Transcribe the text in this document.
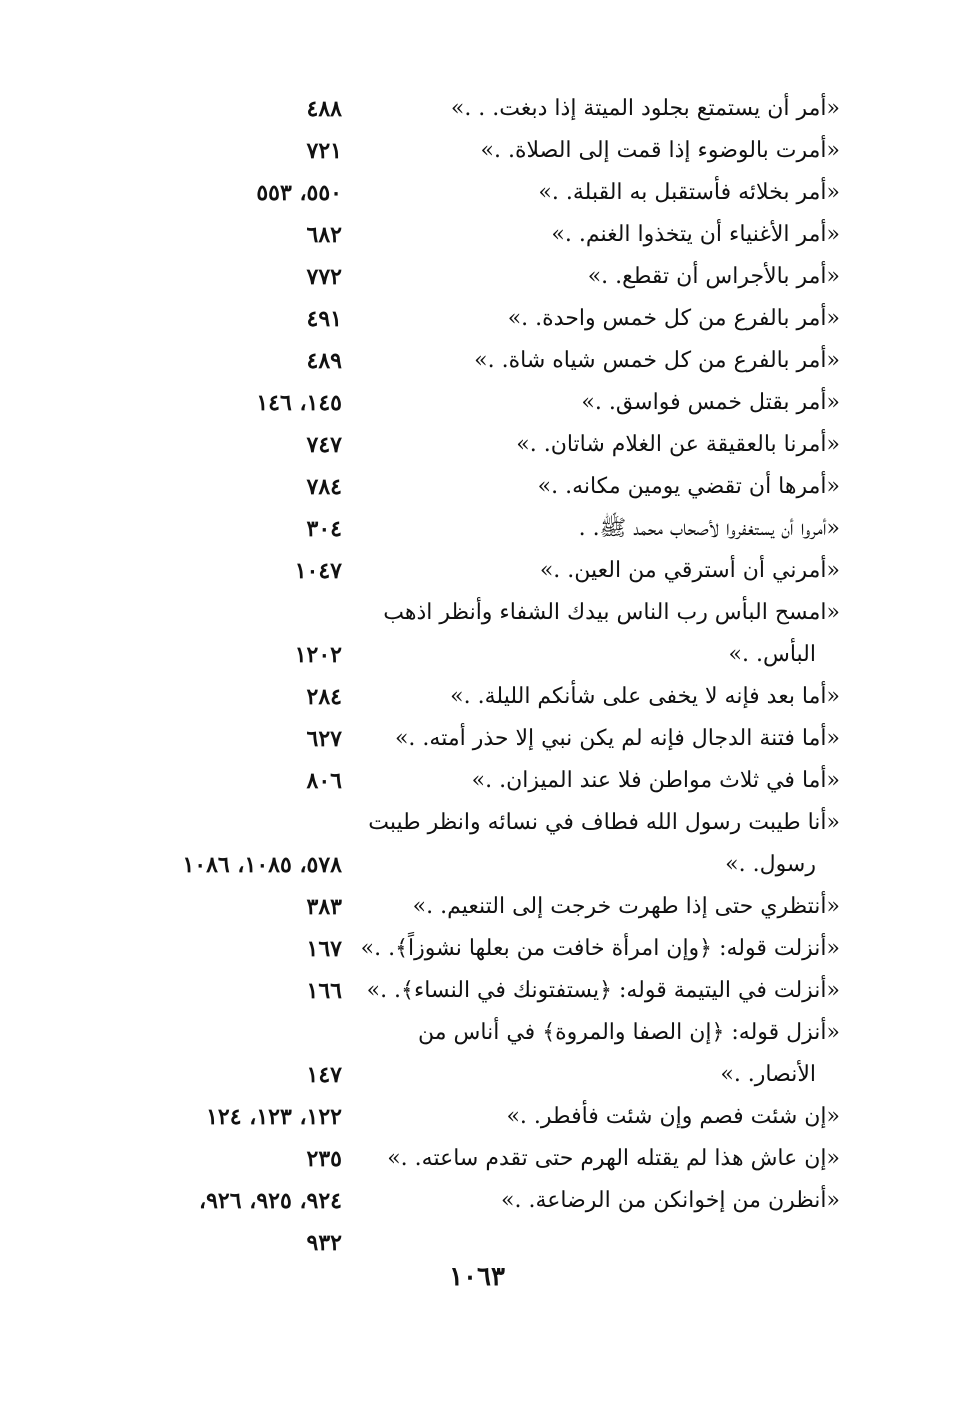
«أمر أن يستمتع بجلود الميتة إذا دبغت. . .»
٤٨٨
«أمرت بالوضوء إذا قمت إلى الصلاة. .»
٧٢١
«أمر بخلائه فأستقبل به القبلة. .»
٥٥٠، ٥٥٣
«أمر الأغنياء أن يتخذوا الغنم. .»
٦٨٢
«أمر بالأجراس أن تقطع. .»
٧٧٢
«أمر بالفرع من كل خمس واحدة. .»
٤٩١
«أمر بالفرع من كل خمس شياه شاة. .»
٤٨٩
«أمر بقتل خمس فواسق. .»
١٤٥، ١٤٦
«أمرنا بالعقيقة عن الغلام شاتان. .»
٧٤٧
«أمرها أن تقضي يومين مكانه. .»
٧٨٤
«أمروا أن يستغفروا لأصحاب محمد ﷺ. .
٣٠٤
«أمرني أن أسترقي من العين. .»
١٠٤٧
«امسح البأس رب الناس بيدك الشفاء وأنظر اذهب
البأس. .»
١٢٠٢
«أما بعد فإنه لا يخفى على شأنكم الليلة. .»
٢٨٤
«أما فتنة الدجال فإنه لم يكن نبي إلا حذر أمته. .»
٦٢٧
«أما في ثلاث مواطن فلا عند الميزان. .»
٨٠٦
«أنا طيبت رسول الله فطاف في نسائه وانظر طيبت
رسول. .»
٥٧٨، ١٠٨٥، ١٠٨٦
«أنتظري حتى إذا طهرت خرجت إلى التنعيم. .»
٣٨٣
«أنزلت قوله: ﴿وإن امرأة خافت من بعلها نشوزاً﴾. .»
١٦٧
«أنزلت في اليتيمة قوله: ﴿يستفتونك في النساء﴾. .»
١٦٦
«أنزل قوله: ﴿إن الصفا والمروة﴾ في أناس من
الأنصار. .»
١٤٧
«إن شئت فصم وإن شئت فأفطر. .»
١٢٢، ١٢٣، ١٢٤
«إن عاش هذا لم يقتله الهرم حتى تقدم ساعته. .»
٢٣٥
«أنظرن من إخوانكن من الرضاعة. .»
٩٢٤، ٩٢٥، ٩٢٦،
٩٣٢
١٠٦٣
